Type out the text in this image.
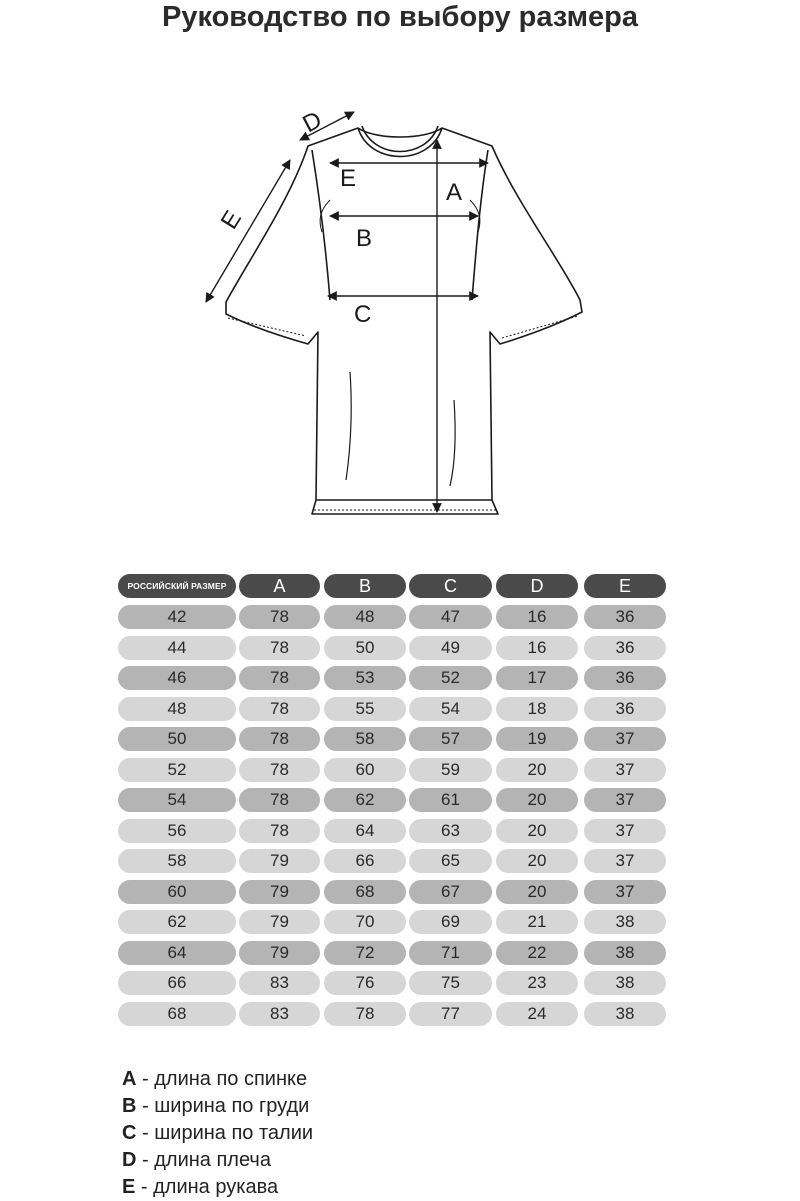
Руководство по выбору размера
A
E
B
C
D
E
РОССИЙСКИЙ РАЗМЕР	A	B	C	D	E
42	78	48	47	16	36
44	78	50	49	16	36
46	78	53	52	17	36
48	78	55	54	18	36
50	78	58	57	19	37
52	78	60	59	20	37
54	78	62	61	20	37
56	78	64	63	20	37
58	79	66	65	20	37
60	79	68	67	20	37
62	79	70	69	21	38
64	79	72	71	22	38
66	83	76	75	23	38
68	83	78	77	24	38
A - длина по спинке
B - ширина по груди
C - ширина по талии
D - длина плеча
E - длина рукава
